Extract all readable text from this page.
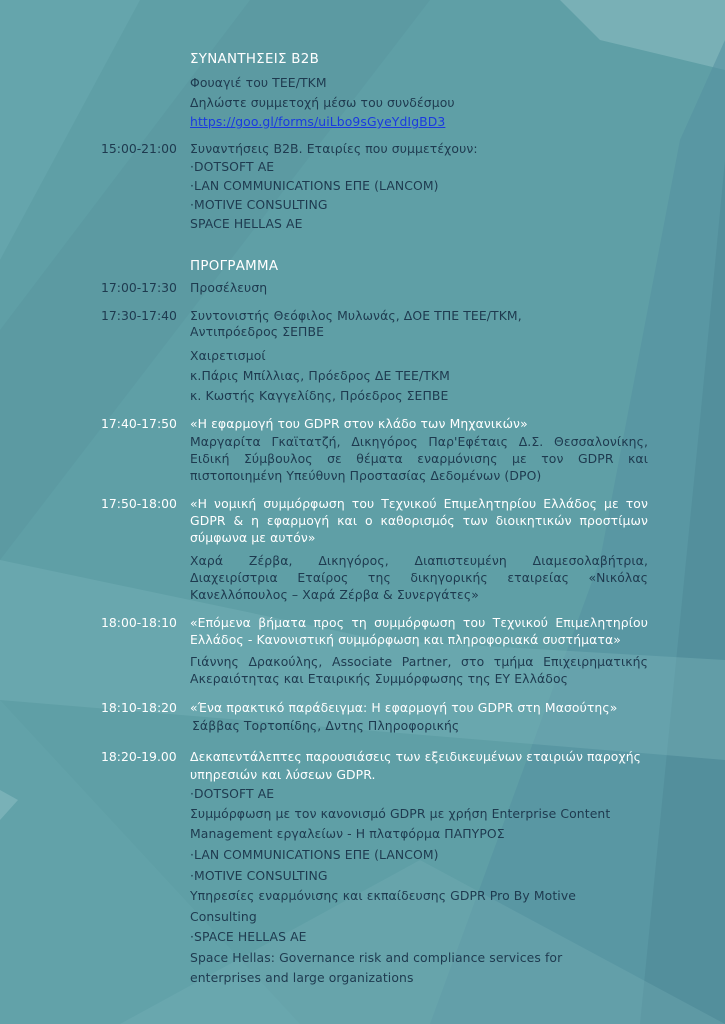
ΣΥΝΑΝΤΗΣΕΙΣ B2B
Φουαγιέ του ΤΕΕ/ΤΚΜ
Δηλώστε συμμετοχή μέσω του συνδέσμου
https://goo.gl/forms/uiLbo9sGyeYdIgBD3
15:00-21:00 Συναντήσεις B2B. Εταιρίες που συμμετέχουν:
·DOTSOFT AE
·LAN COMMUNICATIONS ΕΠΕ (LANCOM)
·MOTIVE CONSULTING
SPACE HELLAS AE
ΠΡΟΓΡΑΜΜΑ
17:00-17:30 Προσέλευση
17:30-17:40 Συντονιστής Θεόφιλος Μυλωνάς, ΔΟΕ ΤΠΕ ΤΕΕ/ΤΚΜ,
Αντιπρόεδρος ΣΕΠΒΕ
Χαιρετισμοί
κ.Πάρις Μπίλλιας, Πρόεδρος ΔΕ ΤΕΕ/ΤΚΜ
κ. Κωστής Καγγελίδης, Πρόεδρος ΣΕΠΒΕ
17:40-17:50 «Η εφαρμογή του GDPR στον κλάδο των Μηχανικών»
Μαργαρίτα Γκαϊτατζή, Δικηγόρος Παρ'Εφέταις Δ.Σ. Θεσσαλονίκης, Ειδική Σύμβουλος σε θέματα εναρμόνισης με τον GDPR και πιστοποιημένη Υπεύθυνη Προστασίας Δεδομένων (DPO)
17:50-18:00 «Η νομική συμμόρφωση του Τεχνικού Επιμελητηρίου Ελλάδος με τον GDPR & η εφαρμογή και ο καθορισμός των διοικητικών προστίμων σύμφωνα με αυτόν»
Χαρά Ζέρβα, Δικηγόρος, Διαπιστευμένη Διαμεσολαβήτρια, Διαχειρίστρια Εταίρος της δικηγορικής εταιρείας «Νικόλας Κανελλόπουλος – Χαρά Ζέρβα & Συνεργάτες»
18:00-18:10 «Επόμενα βήματα προς τη συμμόρφωση του Τεχνικού Επιμελητηρίου Ελλάδος - Κανονιστική συμμόρφωση και πληροφοριακά συστήματα»
Γιάννης Δρακούλης, Associate Partner, στο τμήμα Επιχειρηματικής Ακεραιότητας και Εταιρικής Συμμόρφωσης της ΕΥ Ελλάδος
18:10-18:20 «Ένα πρακτικό παράδειγμα: Η εφαρμογή του GDPR στη Μασούτης»
Σάββας Τορτοπίδης, Δντης Πληροφορικής
18:20-19.00 Δεκαπεντάλεπτες παρουσιάσεις των εξειδικευμένων εταιριών παροχής
υπηρεσιών και λύσεων GDPR.
·DOTSOFT AE
Συμμόρφωση με τον κανονισμό GDPR με χρήση Enterprise Content
Management εργαλείων - Η πλατφόρμα ΠΑΠΥΡΟΣ
·LAN COMMUNICATIONS ΕΠΕ (LANCOM)
·MOTIVE CONSULTING
Υπηρεσίες εναρμόνισης και εκπαίδευσης GDPR Pro By Motive
Consulting
·SPACE HELLAS AE
Space Hellas: Governance risk and compliance services for
enterprises and large organizations
